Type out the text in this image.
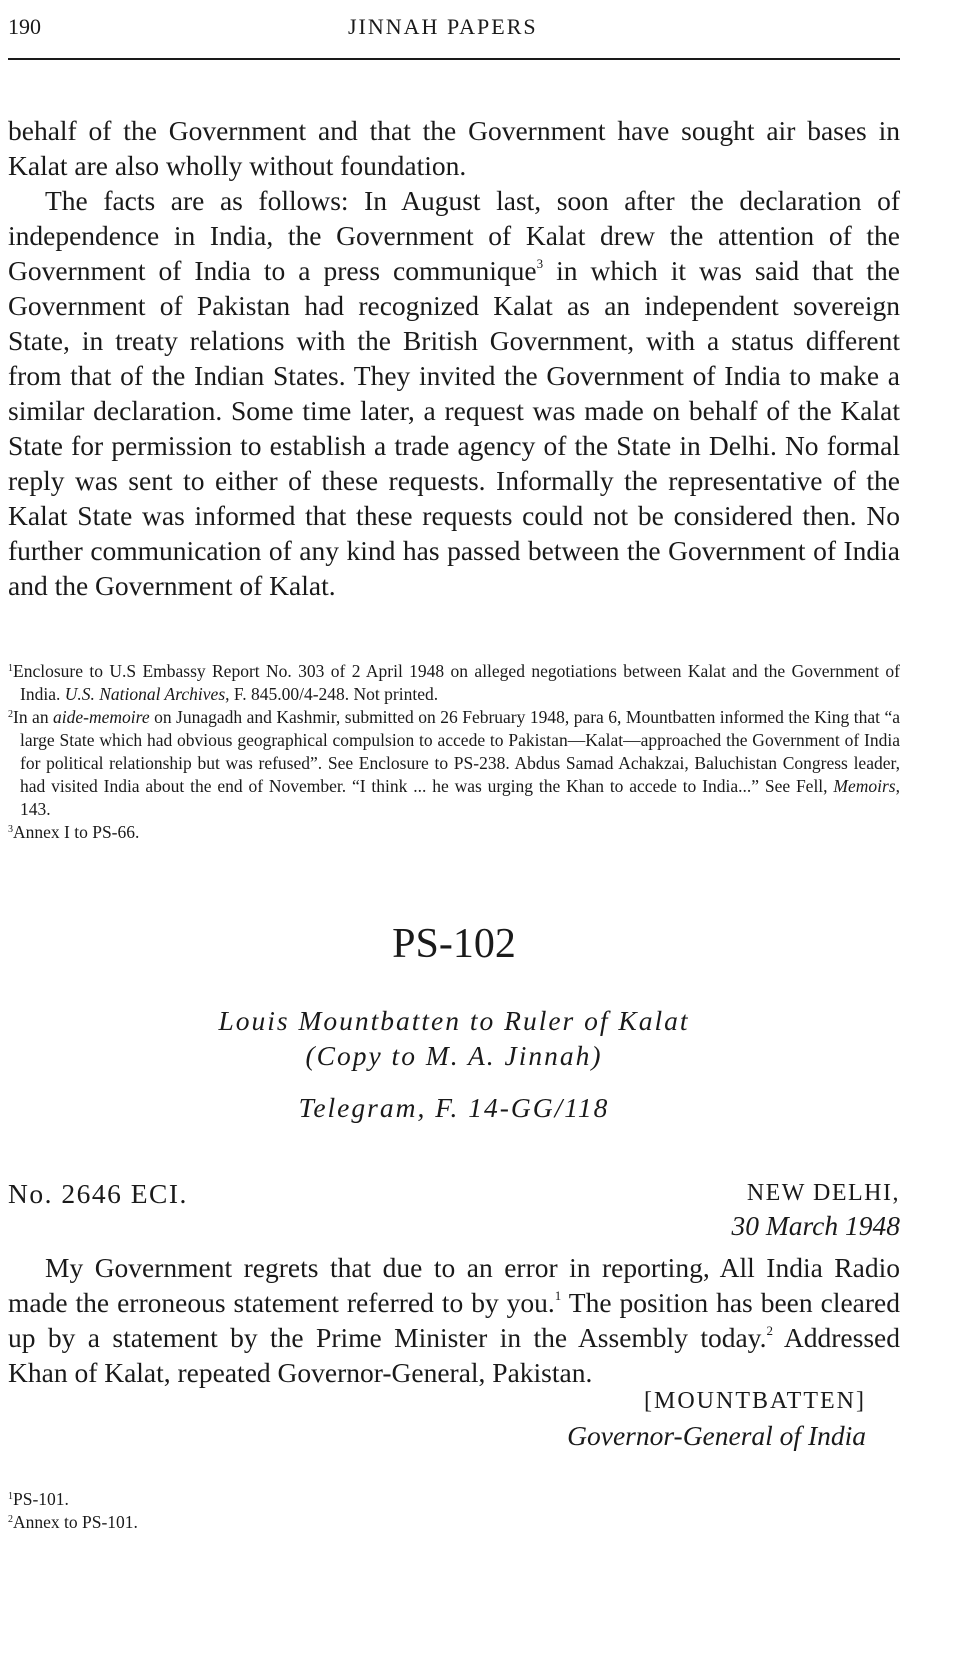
190	JINNAH PAPERS

behalf of the Government and that the Government have sought air bases in Kalat are also wholly without foundation.

The facts are as follows: In August last, soon after the declaration of independence in India, the Government of Kalat drew the attention of the Government of India to a press communique$^3$ in which it was said that the Government of Pakistan had recognized Kalat as an independent sovereign State, in treaty relations with the British Government, with a status different from that of the Indian States. They invited the Government of India to make a similar declaration. Some time later, a request was made on behalf of the Kalat State for permission to establish a trade agency of the State in Delhi. No formal reply was sent to either of these requests. Informally the representative of the Kalat State was informed that these requests could not be considered then. No further communication of any kind has passed between the Government of India and the Government of Kalat.

$^1$Enclosure to U.S Embassy Report No. 303 of 2 April 1948 on alleged negotiations between Kalat and the Government of India. U.S. National Archives, F. 845.00/4-248. Not printed.

$^2$In an aide-memoire on Junagadh and Kashmir, submitted on 26 February 1948, para 6, Mountbatten informed the King that “a large State which had obvious geographical compulsion to accede to Pakistan—Kalat—approached the Government of India for political relationship but was refused”. See Enclosure to PS-238. Abdus Samad Achakzai, Baluchistan Congress leader, had visited India about the end of November. “I think ... he was urging the Khan to accede to India...” See Fell, Memoirs, 143.

$^3$Annex I to PS-66.

PS-102
Louis Mountbatten to Ruler of Kalat
(Copy to M. A. Jinnah)
Telegram, F. 14-GG/118
No. 2646 ECI.	NEW DELHI,
30 March 1948

My Government regrets that due to an error in reporting, All India Radio made the erroneous statement referred to by you.$^1$ The position has been cleared up by a statement by the Prime Minister in the Assembly today.$^2$ Addressed Khan of Kalat, repeated Governor-General, Pakistan.

[MOUNTBATTEN]
Governor-General of India

$^1$PS-101.

$^2$Annex to PS-101.
